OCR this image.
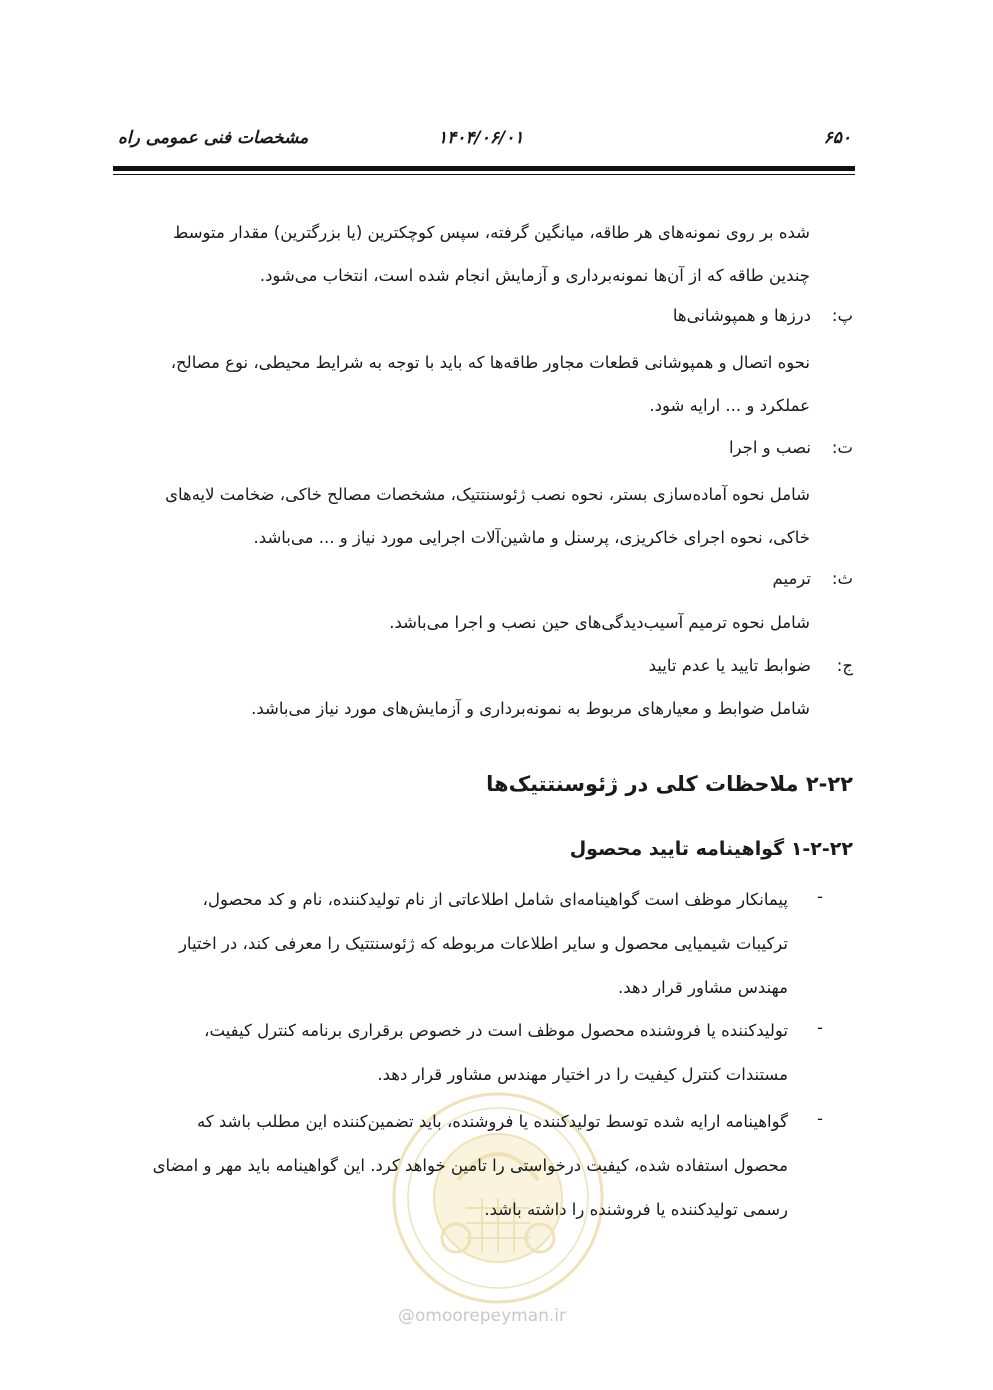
۶۵۰
۱۴۰۴/۰۶/۰۱
مشخصات فنی عمومی راه
شده بر روی نمونه‌های هر طاقه، میانگین گرفته، سپس کوچکترین (یا بزرگترین) مقدار متوسط
چندین طاقه که از آن‌ها نمونه‌برداری و آزمایش انجام شده است، انتخاب می‌شود.
پ:درزها و همپوشانی‌ها
نحوه اتصال و همپوشانی قطعات مجاور طاقه‌ها که باید با توجه به شرایط محیطی، نوع مصالح،
عملکرد و ... ارایه شود.
ت:نصب و اجرا
شامل نحوه آماده‌سازی بستر، نحوه نصب ژئوسنتتیک، مشخصات مصالح خاکی، ضخامت لایه‌های
خاکی، نحوه اجرای خاکریزی، پرسنل و ماشین‌آلات اجرایی مورد نیاز و ... می‌باشد.
ث:ترمیم
شامل نحوه ترمیم آسیب‌دیدگی‌های حین نصب و اجرا می‌باشد.
ج:ضوابط تایید یا عدم تایید
شامل ضوابط و معیارهای مربوط به نمونه‌برداری و آزمایش‌های مورد نیاز می‌باشد.
۲-۲۲ ملاحظات کلی در ژئوسنتتیک‌ها
۱-۲-۲۲ گواهینامه تایید محصول
-
پیمانکار موظف است گواهینامه‌ای شامل اطلاعاتی از نام تولیدکننده، نام و کد محصول،
ترکیبات شیمیایی محصول و سایر اطلاعات مربوطه که ژئوسنتتیک را معرفی کند، در اختیار
مهندس مشاور قرار دهد.
-
تولیدکننده یا فروشنده محصول موظف است در خصوص برقراری برنامه کنترل کیفیت،
مستندات کنترل کیفیت را در اختیار مهندس مشاور قرار دهد.
-
گواهینامه ارایه شده توسط تولیدکننده یا فروشنده، باید تضمین‌کننده این مطلب باشد که
محصول استفاده شده، کیفیت درخواستی را تامین خواهد کرد. این گواهینامه باید مهر و امضای
رسمی تولیدکننده یا فروشنده را داشته باشد.
@omoorepeyman.ir
